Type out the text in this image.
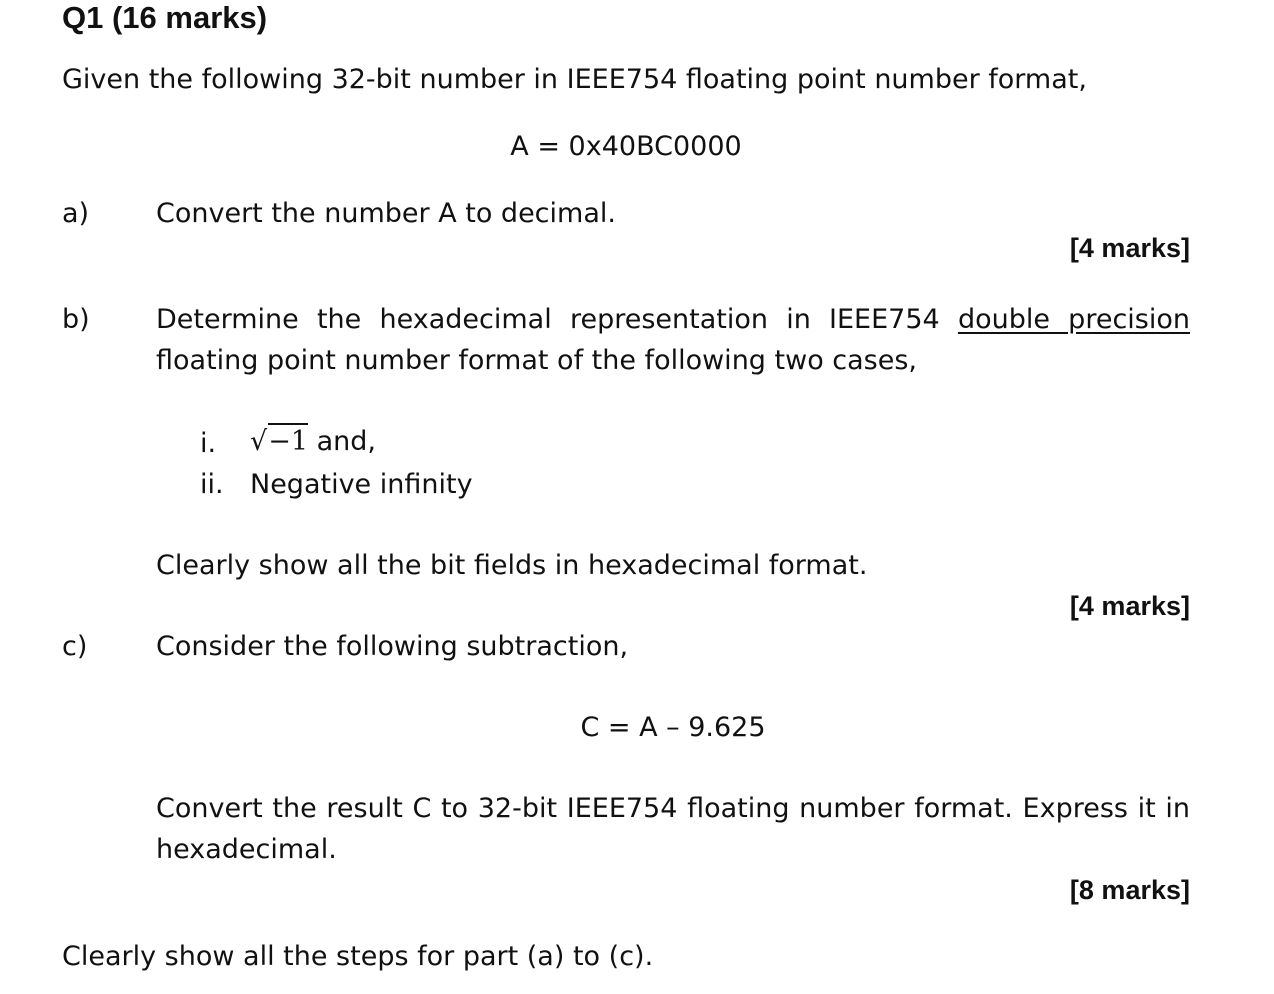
Q1 (16 marks)
Given the following 32-bit number in IEEE754 floating point number format,
A = 0x40BC0000
a) Convert the number A to decimal.
[4 marks]
b) Determine the hexadecimal representation in IEEE754 double precision
floating point number format of the following two cases,
i. √−1 and,
ii. Negative infinity
Clearly show all the bit fields in hexadecimal format.
[4 marks]
c)	Consider the following subtraction,
C = A – 9.625
Convert the result C to 32-bit IEEE754 floating number format. Express it in
hexadecimal.
[8 marks]
Clearly show all the steps for part (a) to (c).
